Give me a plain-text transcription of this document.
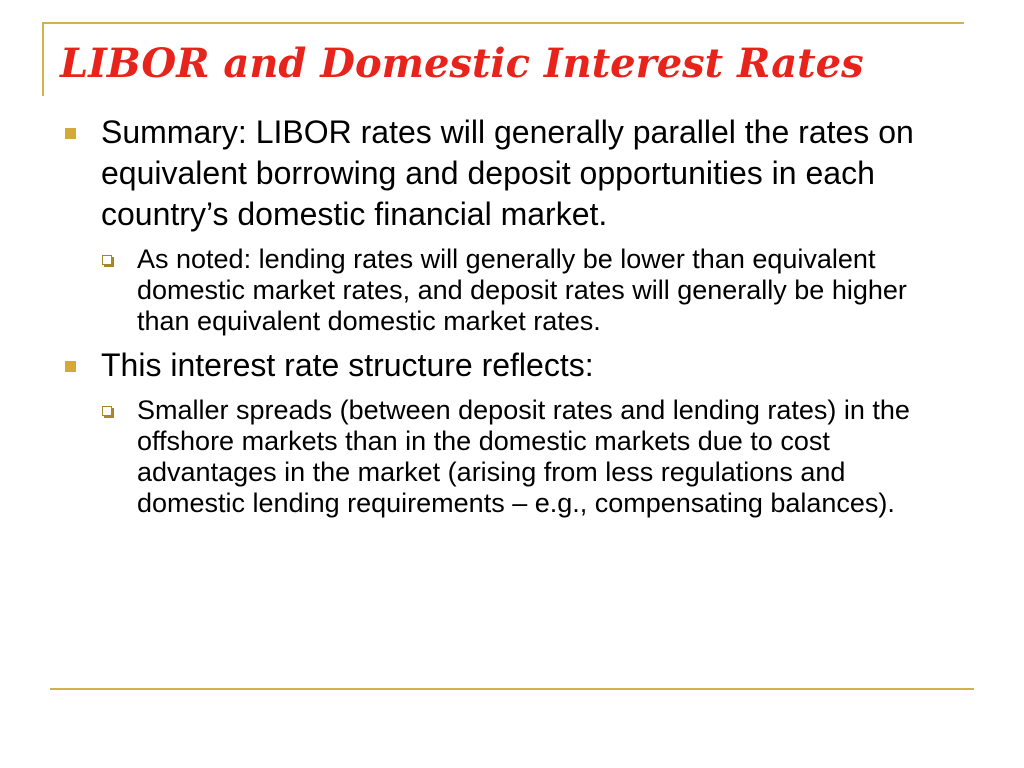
LIBOR and Domestic Interest Rates
Summary: LIBOR rates will generally parallel the rates on equivalent borrowing and deposit opportunities in each country’s domestic financial market.
As noted: lending rates will generally be lower than equivalent domestic market rates, and deposit rates will generally be higher than equivalent domestic market rates.
This interest rate structure reflects:
Smaller spreads (between deposit rates and lending rates) in the offshore markets than in the domestic markets due to cost advantages in the market (arising from less regulations and domestic lending requirements – e.g., compensating balances).
